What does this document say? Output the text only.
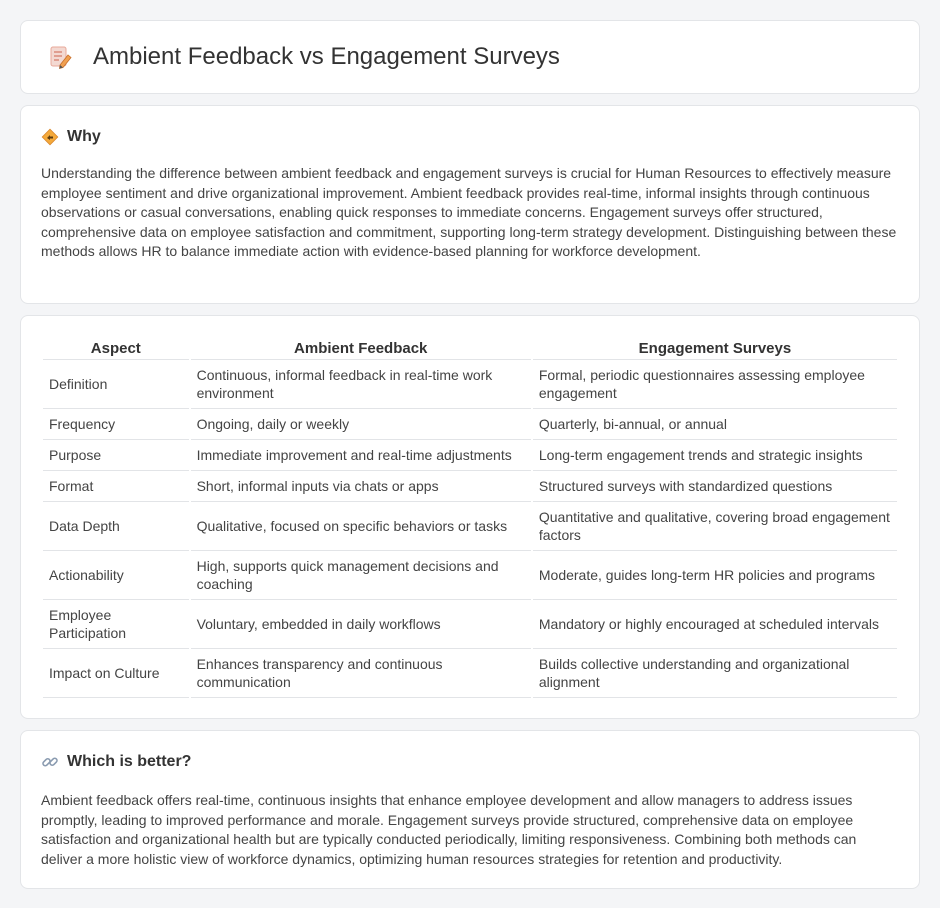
Ambient Feedback vs Engagement Surveys
Why

Understanding the difference between ambient feedback and engagement surveys is crucial for Human Resources to effectively measure employee sentiment and drive organizational improvement. Ambient feedback provides real-time, informal insights through continuous observations or casual conversations, enabling quick responses to immediate concerns. Engagement surveys offer structured, comprehensive data on employee satisfaction and commitment, supporting long-term strategy development. Distinguishing between these methods allows HR to balance immediate action with evidence-based planning for workforce development.

Aspect	Ambient Feedback	Engagement Surveys
Definition	Continuous, informal feedback in real-time work environment	Formal, periodic questionnaires assessing employee engagement
Frequency	Ongoing, daily or weekly	Quarterly, bi-annual, or annual
Purpose	Immediate improvement and real-time adjustments	Long-term engagement trends and strategic insights
Format	Short, informal inputs via chats or apps	Structured surveys with standardized questions
Data Depth	Qualitative, focused on specific behaviors or tasks	Quantitative and qualitative, covering broad engagement factors
Actionability	High, supports quick management decisions and coaching	Moderate, guides long-term HR policies and programs
Employee Participation	Voluntary, embedded in daily workflows	Mandatory or highly encouraged at scheduled intervals
Impact on Culture	Enhances transparency and continuous communication	Builds collective understanding and organizational alignment
Which is better?

Ambient feedback offers real-time, continuous insights that enhance employee development and allow managers to address issues promptly, leading to improved performance and morale. Engagement surveys provide structured, comprehensive data on employee satisfaction and organizational health but are typically conducted periodically, limiting responsiveness. Combining both methods can deliver a more holistic view of workforce dynamics, optimizing human resources strategies for retention and productivity.
